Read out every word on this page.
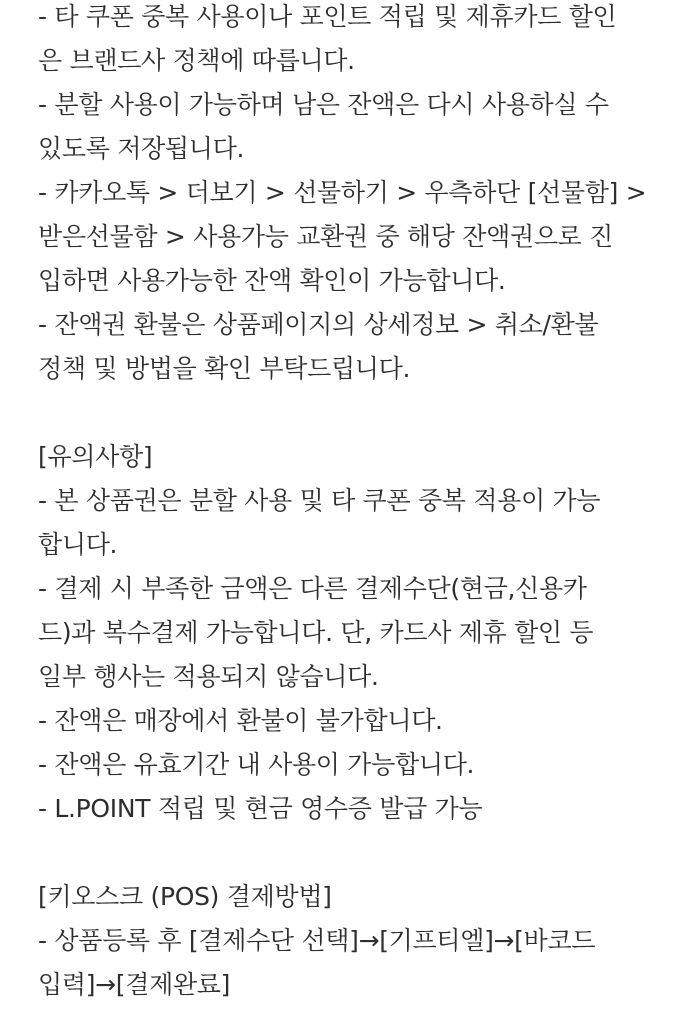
- 타 쿠폰 중복 사용이나 포인트 적립 및 제휴카드 할인
은 브랜드사 정책에 따릅니다.
- 분할 사용이 가능하며 남은 잔액은 다시 사용하실 수
있도록 저장됩니다.
- 카카오톡 > 더보기 > 선물하기 > 우측하단 [선물함] >
받은선물함 > 사용가능 교환권 중 해당 잔액권으로 진
입하면 사용가능한 잔액 확인이 가능합니다.
- 잔액권 환불은 상품페이지의 상세정보 > 취소/환불
정책 및 방법을 확인 부탁드립니다.
[유의사항]
- 본 상품권은 분할 사용 및 타 쿠폰 중복 적용이 가능
합니다.
- 결제 시 부족한 금액은 다른 결제수단(현금,신용카
드)과 복수결제 가능합니다. 단, 카드사 제휴 할인 등
일부 행사는 적용되지 않습니다.
- 잔액은 매장에서 환불이 불가합니다.
- 잔액은 유효기간 내 사용이 가능합니다.
- L.POINT 적립 및 현금 영수증 발급 가능
[키오스크 (POS) 결제방법]
- 상품등록 후 [결제수단 선택]→[기프티엘]→[바코드
입력]→[결제완료]
